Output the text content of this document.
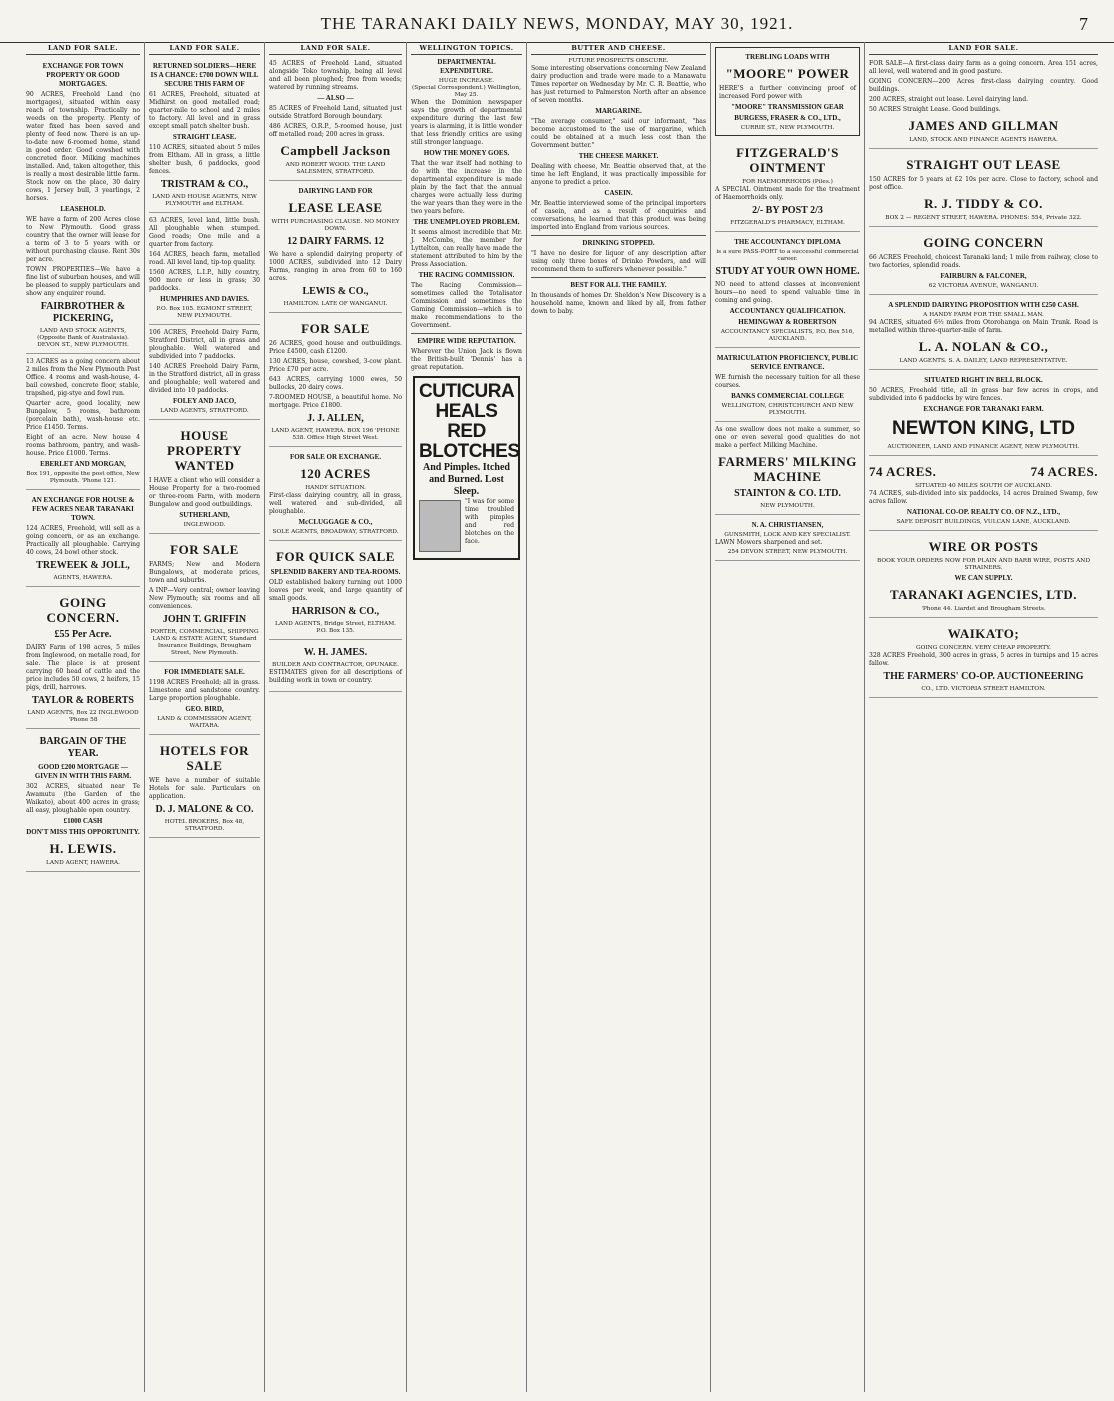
THE TARANAKI DAILY NEWS, MONDAY, MAY 30, 1921.	7
LAND FOR SALE.
EXCHANGE FOR TOWN PROPERTY OR GOOD MORTGAGES.

90 ACRES, Freehold Land (no mortgages), situated within easy reach of township. Practically no weeds on the property. Plenty of water fixed has been saved and plenty of feed now. There is an up-to-date new 6-roomed home, stand in good order. Good cowshed with concreted floor. Milking machines installed. And, taken altogether, this is really a most desirable little farm. Stock now on the place, 30 dairy cows, 1 Jersey bull, 3 yearlings, 2 horses.

LEASEHOLD.

WE have a farm of 200 Acres close to New Plymouth. Good grass country that the owner will lease for a term of 3 to 5 years with or without purchasing clause. Rent 30s per acre.

TOWN PROPERTIES—We have a fine list of suburban houses, and will be pleased to supply particulars and show any enquirer round.

FAIRBROTHER & PICKERING,
LAND AND STOCK AGENTS, (Opposite Bank of Australasia). DEVON ST., NEW PLYMOUTH.

13 ACRES as a going concern about 2 miles from the New Plymouth Post Office. 4 rooms and wash-house, 4-bail cowshed, concrete floor, stable, trapshed, pig-stye and fowl run.

Quarter acre, good locality, new Bungalow, 5 rooms, bathroom (porcelain bath), wash-house etc. Price £1450. Terms.

Eight of an acre. New house 4 rooms bathroom, pantry, and wash-house. Price £1000. Terms.

EBERLET AND MORGAN,
Box 191, opposite the post office, New Plymouth. 'Phone 121.
AN EXCHANGE FOR HOUSE & FEW ACRES NEAR TARANAKI TOWN.

124 ACRES, Freehold, will sell as a going concern, or as an exchange. Practically all ploughable. Carrying 40 cows, 24 bowl other stock.

TREWEEK & JOLL,
AGENTS, HAWERA.
GOING CONCERN.
£55 Per Acre.

DAIRY Farm of 198 acres, 5 miles from Inglewood, on metalle road, for sale. The place is at present carrying 60 head of cattle and the price includes 50 cows, 2 heifers, 15 pigs, drill, harrows.

TAYLOR & ROBERTS
LAND AGENTS, Box 22 INGLEWOOD 'Phone 58
BARGAIN OF THE YEAR.
GOOD £200 MORTGAGE — GIVEN IN WITH THIS FARM.

302 ACRES, situated near Te Awamutu (the Garden of the Waikato), about 400 acres in grass; all easy, ploughable open country.

£1000 CASH
DON'T MISS THIS OPPORTUNITY.
H. LEWIS.
LAND AGENT, HAWERA.
LAND FOR SALE.
RETURNED SOLDIERS—HERE IS A CHANCE: £700 DOWN WILL SECURE THIS FARM OF

61 ACRES, Freehold, situated at Midhirst on good metalled road; quarter-mile to school and 2 miles to factory. All level and in grass except small patch shelter bush.

STRAIGHT LEASE.

110 ACRES, situated about 5 miles from Eltham. All in grass, a little shelter bush, 6 paddocks, good fences.

TRISTRAM & CO.,
LAND AND HOUSE AGENTS, NEW PLYMOUTH and ELTHAM.

63 ACRES, level land, little bush. All ploughable when stumped. Good roads; One mile and a quarter from factory.

164 ACRES, beach farm, metalled road. All level land, tip-top quality.

1560 ACRES, L.I.P., hilly country, 900 more or less in grass; 30 paddocks.

HUMPHRIES AND DAVIES.
P.O. Box 105. EGMONT STREET, NEW PLYMOUTH.

106 ACRES, Freehold Dairy Farm, Stratford District, all in grass and ploughable. Well watered and subdivided into 7 paddocks.

140 ACRES Freehold Dairy Farm, in the Stratford district, all in grass and ploughable; well watered and divided into 10 paddocks.

FOLEY AND JACO,
LAND AGENTS, STRATFORD.
HOUSE PROPERTY WANTED

I HAVE a client who will consider a House Property for a two-roomed or three-room Farm, with modern Bungalow and good outbuildings.

SUTHERLAND,
INGLEWOOD.
FOR SALE

FARMS; New and Modern Bungalows, at moderate prices, town and suburbs.

A INP—Very central; owner leaving New Plymouth; six rooms and all conveniences.

JOHN T. GRIFFIN
PORTER, COMMERCIAL, SHIPPING LAND & ESTATE AGENT, Standard Insurance Buildings, Brougham Street, New Plymouth.
FOR IMMEDIATE SALE.

1198 ACRES Freehold; all in grass. Limestone and sandstone country. Large proportion ploughable.

GEO. BIRD,
LAND & COMMISSION AGENT, WAITARA.
HOTELS FOR SALE

WE have a number of suitable Hotels for sale. Particulars on application.

D. J. MALONE & CO.
HOTEL BROKERS, Box 48, STRATFORD.
LAND FOR SALE.

45 ACRES of Freehold Land, situated alongside Toko township, being all level and all been ploughed; free from weeds; watered by running streams.

— ALSO —

85 ACRES of Freehold Land, situated just outside Stratford Borough boundary.

486 ACRES, O.R.P., 5-roomed house, just off metalled road; 200 acres in grass.

Campbell Jackson
AND ROBERT WOOD. THE LAND SALESMEN, STRATFORD.
DAIRYING LAND FOR
LEASE LEASE
WITH PURCHASING CLAUSE. NO MONEY DOWN.
12 DAIRY FARMS. 12

We have a splendid dairying property of 1000 ACRES, subdivided into 12 Dairy Farms, ranging in area from 60 to 160 acres.

LEWIS & CO.,
HAMILTON. LATE OF WANGANUI.
FOR SALE

26 ACRES, good house and outbuildings. Price £4500, cash £1200.

130 ACRES, house, cowshed, 3-cow plant. Price £70 per acre.

643 ACRES, carrying 1000 ewes, 50 bullocks, 20 dairy cows.

7-ROOMED HOUSE, a beautiful home. No mortgage. Price £1800.

J. J. ALLEN,
LAND AGENT, HAWERA. BOX 196 'PHONE 538. Office High Street West.
FOR SALE OR EXCHANGE.
120 ACRES
HANDY SITUATION.

First-class dairying country, all in grass, well watered and sub-divided, all ploughable.

McCLUGGAGE & CO.,
SOLE AGENTS, BROADWAY, STRATFORD.
FOR QUICK SALE
SPLENDID BAKERY AND TEA-ROOMS.

OLD established bakery turning out 1000 loaves per week, and large quantity of small goods.

HARRISON & CO.,
LAND AGENTS, Bridge Street, ELTHAM. P.O. Box 135.
W. H. JAMES.
BUILDER AND CONTRACTOR, OPUNAKE.

ESTIMATES given for all descriptions of building work in town or country.

WELLINGTON TOPICS.
DEPARTMENTAL EXPENDITURE.
HUGE INCREASE.
(Special Correspondent.) Wellington, May 25.

When the Dominion newspaper says the growth of departmental expenditure during the last few years is alarming, it is little wonder that less friendly critics are using still stronger language.

HOW THE MONEY GOES.

That the war itself had nothing to do with the increase in the departmental expenditure is made plain by the fact that the annual charges were actually less during the war years than they were in the two years before.

THE UNEMPLOYED PROBLEM.

It seems almost incredible that Mr. J. McCombs, the member for Lyttelton, can really have made the statement attributed to him by the Press Association.

THE RACING COMMISSION.

The Racing Commission—sometimes called the Totalisator Commission and sometimes the Gaming Commission—which is to make recommendations to the Government.

EMPIRE WIDE REPUTATION.

Wherever the Union Jack is flown the British-built 'Dennis' has a great reputation.

CUTICURA HEALS
RED BLOTCHES
And Pimples. Itched and Burned. Lost Sleep.

"I was for some time troubled with pimples and red blotches on the face.

BUTTER AND CHEESE.
FUTURE PROSPECTS OBSCURE.

Some interesting observations concerning New Zealand dairy production and trade were made to a Manawatu Times reporter on Wednesday by Mr. C. R. Beattie, who has just returned to Palmerston North after an absence of seven months.

MARGARINE.

"The average consumer," said our informant, "has become accustomed to the use of margarine, which could be obtained at a much less cost than the Government butter."

THE CHEESE MARKET.

Dealing with cheese, Mr. Beattie observed that, at the time he left England, it was practically impossible for anyone to predict a price.

CASEIN.

Mr. Beattie interviewed some of the principal importers of casein, and as a result of enquiries and conversations, he learned that this product was being imported into England from various sources.

DRINKING STOPPED.

"I have no desire for liquor of any description after using only three boxes of Drinko Powders, and will recommend them to sufferers whenever possible."

BEST FOR ALL THE FAMILY.

In thousands of homes Dr. Sheldon's New Discovery is a household name, known and liked by all, from father down to baby.

TREBLING LOADS WITH
"MOORE" POWER

HERE'S a further convincing proof of increased Ford power with

"MOORE" TRANSMISSION GEAR
BURGESS, FRASER & CO., LTD.,
CURRIE ST., NEW PLYMOUTH.
FITZGERALD'S OINTMENT
FOR HAEMORRHOIDS (Piles.)

A SPECIAL Ointment made for the treatment of Haemorrhoids only.

2/- BY POST 2/3
FITZGERALD'S PHARMACY, ELTHAM.
THE ACCOUNTANCY DIPLOMA
is a sure PASS-PORT to a successful commercial career.
STUDY AT YOUR OWN HOME.

NO need to attend classes at inconvenient hours—no need to spend valuable time in coming and going.

ACCOUNTANCY QUALIFICATION.
HEMINGWAY & ROBERTSON
ACCOUNTANCY SPECIALISTS, P.O. Box 516, AUCKLAND.
MATRICULATION PROFICIENCY, PUBLIC SERVICE ENTRANCE.

WE furnish the necessary tuition for all these courses.

BANKS COMMERCIAL COLLEGE
WELLINGTON, CHRISTCHURCH AND NEW PLYMOUTH.

As one swallow does not make a summer, so one or even several good qualities do not make a perfect Milking Machine.

FARMERS' MILKING MACHINE
STAINTON & CO. LTD.
NEW PLYMOUTH.
N. A. CHRISTIANSEN,
GUNSMITH, LOCK AND KEY SPECIALIST.

LAWN Mowers sharpened and set.

254 DEVON STREET, NEW PLYMOUTH.
LAND FOR SALE.

FOR SALE—A first-class dairy farm as a going concern. Area 151 acres, all level, well watered and in good pasture.

GOING CONCERN—200 Acres first-class dairying country. Good buildings.

200 ACRES, straight out lease. Level dairying land.

50 ACRES Straight Lease. Good buildings.

JAMES AND GILLMAN
LAND, STOCK AND FINANCE AGENTS HAWERA.
STRAIGHT OUT LEASE

150 ACRES for 5 years at £2 10s per acre. Close to factory, school and post office.

R. J. TIDDY & CO.
BOX 2 — REGENT STREET, HAWERA. PHONES: 554, Private 322.
GOING CONCERN

66 ACRES Freehold, choicest Taranaki land; 1 mile from railway, close to two factories, splendid roads.

FAIRBURN & FALCONER,
62 VICTORIA AVENUE, WANGANUI.
A SPLENDID DAIRYING PROPOSITION WITH £250 CASH.
A HANDY FARM FOR THE SMALL MAN.

94 ACRES, situated 6½ miles from Otorohanga on Main Trunk. Road is metalled within three-quarter-mile of farm.

L. A. NOLAN & CO.,
LAND AGENTS. S. A. DAILEY, LAND REPRESENTATIVE.
SITUATED RIGHT IN BELL BLOCK.

50 ACRES, Freehold title, all in grass bar few acres in crops, and subdivided into 6 paddocks by wire fences.

EXCHANGE FOR TARANAKI FARM.
NEWTON KING, LTD
AUCTIONEER, LAND AND FINANCE AGENT, NEW PLYMOUTH.
74 ACRES.	74 ACRES.
SITUATED 40 MILES SOUTH OF AUCKLAND.

74 ACRES, sub-divided into six paddocks, 14 acres Drained Swamp, few acres fallow.

NATIONAL CO-OP. REALTY CO. OF N.Z., LTD.,
SAFE DEPOSIT BUILDINGS, VULCAN LANE, AUCKLAND.
WIRE OR POSTS
BOOK YOUR ORDERS NOW FOR PLAIN AND BARB WIRE, POSTS AND STRAINERS.
WE CAN SUPPLY.
TARANAKI AGENCIES, LTD.
'Phone 44. Liardet and Brougham Streets.
WAIKATO;
GOING CONCERN. VERY CHEAP PROPERTY.

328 ACRES Freehold, 300 acres in grass, 5 acres in turnips and 15 acres fallow.

THE FARMERS' CO-OP. AUCTIONEERING
CO., LTD. VICTORIA STREET HAMILTON.
